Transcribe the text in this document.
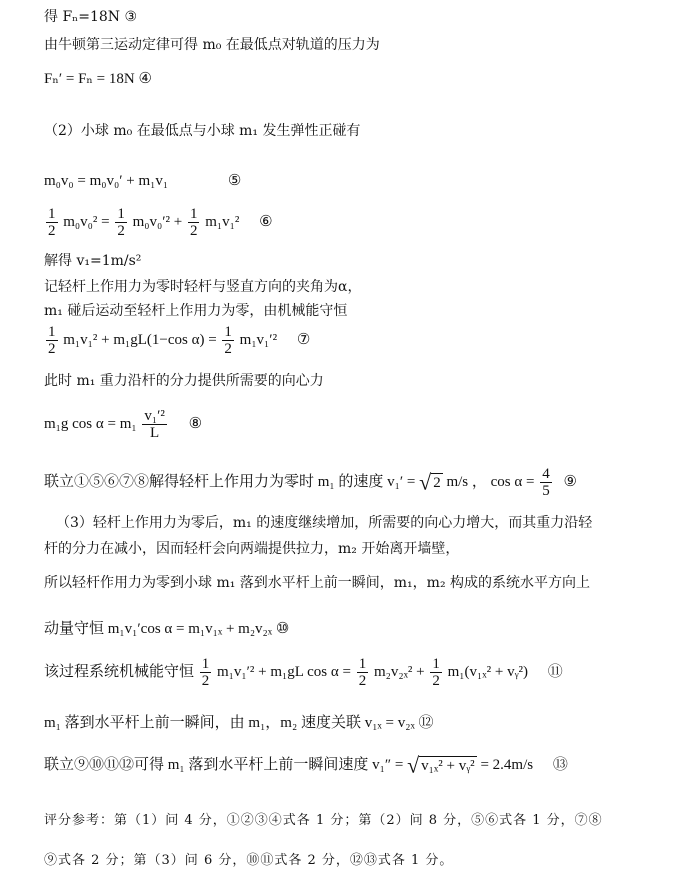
得 Fₙ=18N ③
由牛顿第三运动定律可得 m₀ 在最低点对轨道的压力为
Fₙ′ = Fₙ = 18N ④
（2）小球 m₀ 在最低点与小球 m₁ 发生弹性正碰有
m₀v₀ = m₀v₀′ + m₁v₁	⑤
$\frac{1}{2} m_0v_0^2 = \frac{1}{2} m_0v_0'^2 + \frac{1}{2} m_1v_1^2$ ⑥
解得 v₁=1m/s²
记轻杆上作用力为零时轻杆与竖直方向的夹角为α，
m₁ 碰后运动至轻杆上作用力为零，由机械能守恒
$\frac{1}{2} m_1v_1^2 + m_1gL(1-\cos$ $\alpha) = \frac{1}{2} m_1v_1'^2$ ⑦
此时 m₁ 重力沿杆的分力提供所需要的向心力
m₁g $\cos \alpha = m_1 \frac{\text{v₁′²}}{L}$ ⑧
联立①⑤⑥⑦⑧解得轻杆上作用力为零时 m₁ 的速度 v₁′ = √ 2 m/s ， $\cos \alpha = \frac{4}{5}$ ⑨
（3）轻杆上作用力为零后，m₁ 的速度继续增加，所需要的向心力增大，而其重力沿轻
杆的分力在减小，因而轻杆会向两端提供拉力，m₂ 开始离开墙壁，
所以轻杆作用力为零到小球 m₁ 落到水平杆上前一瞬间，m₁，m₂ 构成的系统水平方向上
动量守恒 m₁v₁′cos α = m₁v₁ₓ + m₂v₂ₓ ⑩
该过程系统机械能守恒 $\frac{1}{2} m_1v_1'^2 + m_1gL$ $\cos \alpha = \frac{1}{2} m_2v_{2x}^2 + \frac{1}{2} m_1(v_{1x}^2$ + vᵧ²) ⑪
m₁ 落到水平杆上前一瞬间，由 m₁，m₂ 速度关联 v₁ₓ = v₂ₓ ⑫
联立⑨⑩⑪⑫可得 m₁ 落到水平杆上前一瞬间速度 v₁″ = √ v₁ₓ² + vᵧ² = 2.4m/s ⑬
评分参考：第（1）问 4 分，①②③④式各 1 分；第（2）问 8 分，⑤⑥式各 1 分，⑦⑧
⑨式各 2 分；第（3）问 6 分，⑩⑪式各 2 分，⑫⑬式各 1 分。
